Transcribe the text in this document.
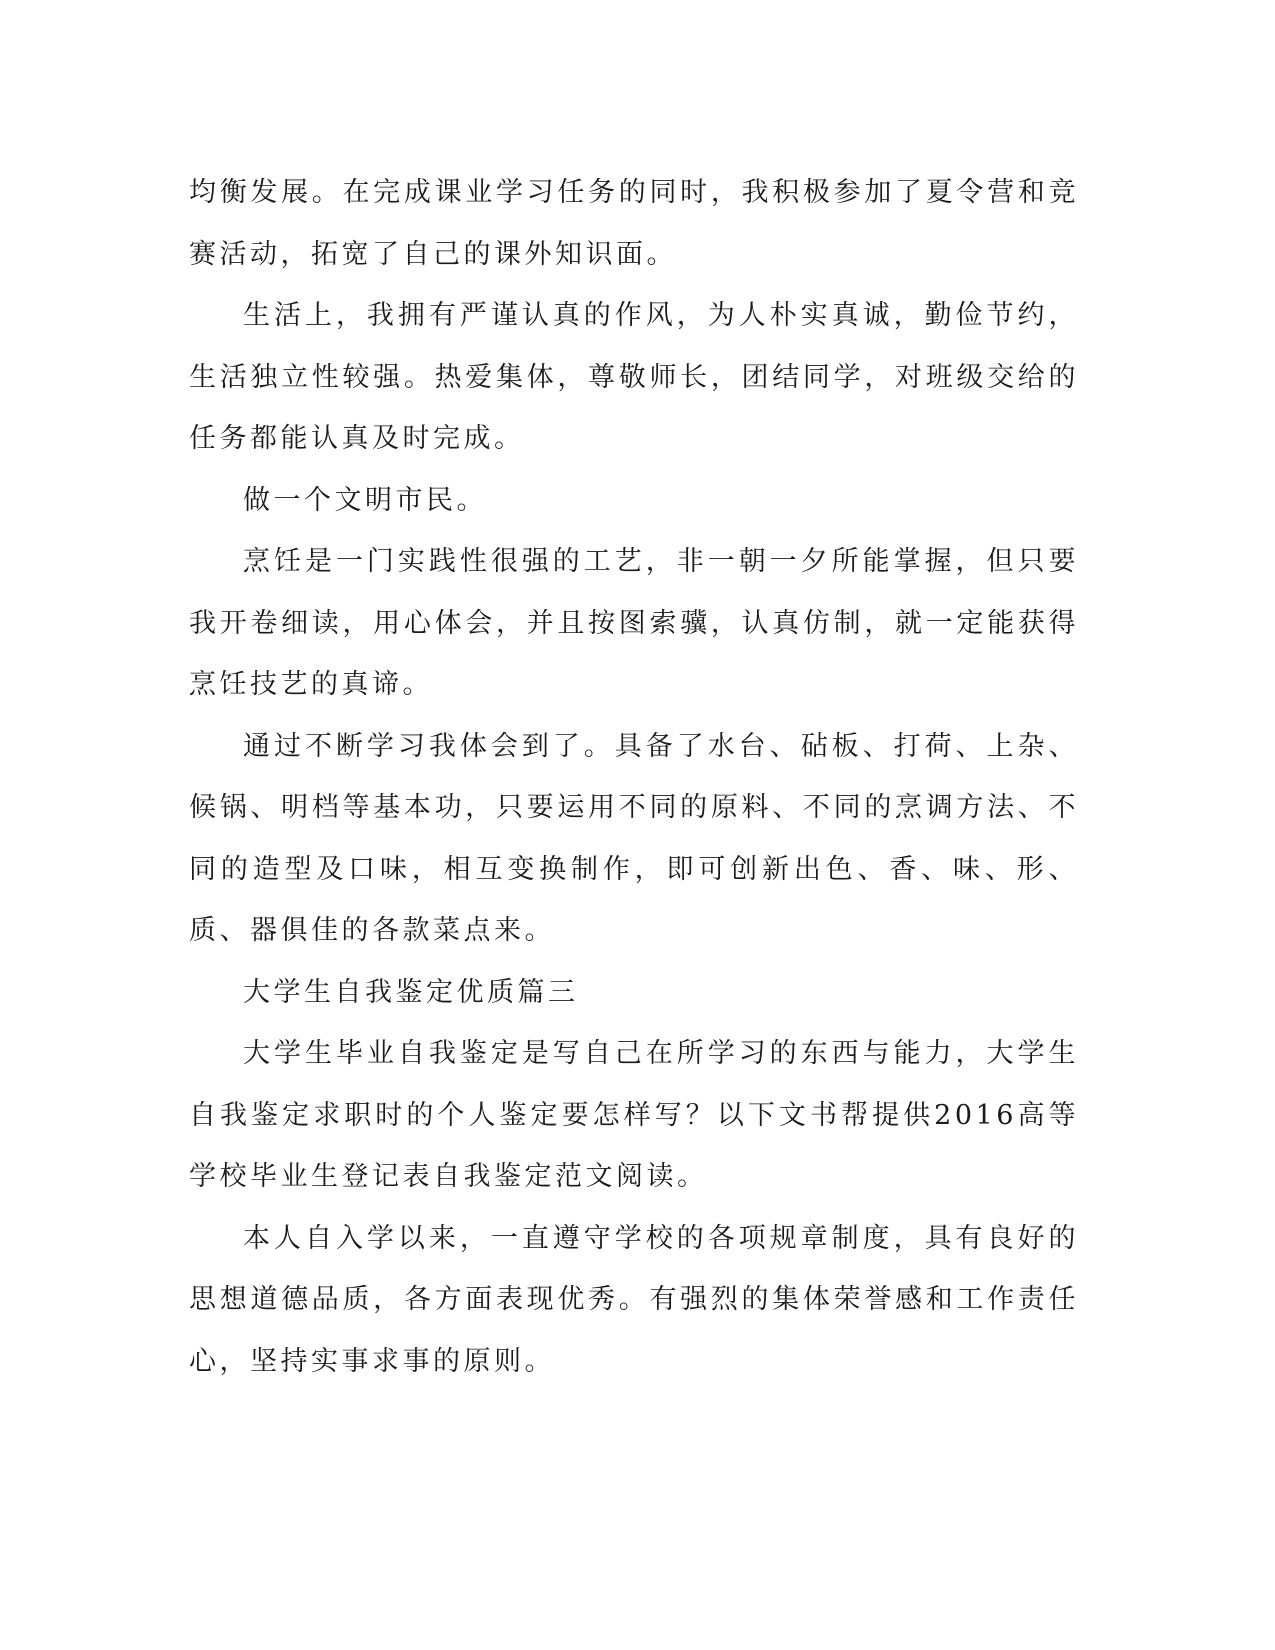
均衡发展。在完成课业学习任务的同时，我积极参加了夏令营和竞赛活动，拓宽了自己的课外知识面。

生活上，我拥有严谨认真的作风，为人朴实真诚，勤俭节约，生活独立性较强。热爱集体，尊敬师长，团结同学，对班级交给的任务都能认真及时完成。

做一个文明市民。

烹饪是一门实践性很强的工艺，非一朝一夕所能掌握，但只要我开卷细读，用心体会，并且按图索骥，认真仿制，就一定能获得烹饪技艺的真谛。

通过不断学习我体会到了。具备了水台、砧板、打荷、上杂、候锅、明档等基本功，只要运用不同的原料、不同的烹调方法、不同的造型及口味，相互变换制作，即可创新出色、香、味、形、质、器俱佳的各款菜点来。

大学生自我鉴定优质篇三

大学生毕业自我鉴定是写自己在所学习的东西与能力，大学生自我鉴定求职时的个人鉴定要怎样写？以下文书帮提供2016高等学校毕业生登记表自我鉴定范文阅读。

本人自入学以来，一直遵守学校的各项规章制度，具有良好的思想道德品质，各方面表现优秀。有强烈的集体荣誉感和工作责任心，坚持实事求事的原则。
